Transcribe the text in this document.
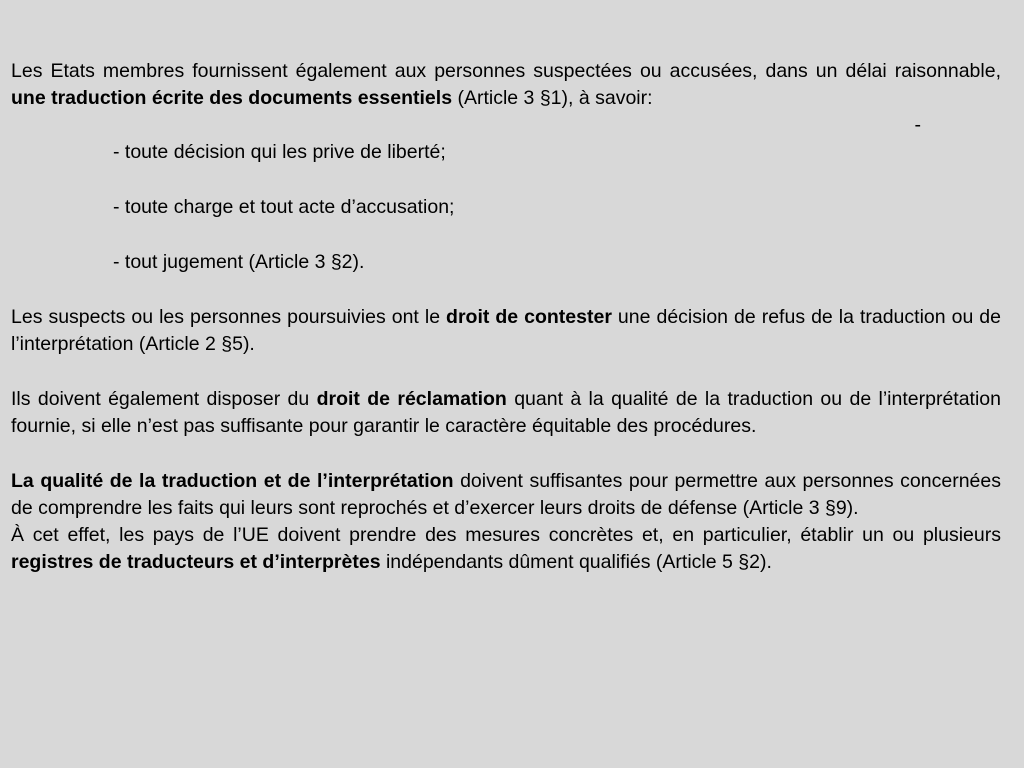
Les Etats membres fournissent également aux personnes suspectées ou accusées, dans un délai raisonnable, une traduction écrite des documents essentiels (Article 3 §1), à savoir:

-

- toute décision qui les prive de liberté;

- toute charge et tout acte d’accusation;

- tout jugement (Article 3 §2).

Les suspects ou les personnes poursuivies ont le droit de contester une décision de refus de la traduction ou de l’interprétation (Article 2 §5).

Ils doivent également disposer du droit de réclamation quant à la qualité de la traduction ou de l’interprétation fournie, si elle n’est pas suffisante pour garantir le caractère équitable des procédures.

La qualité de la traduction et de l’interprétation doivent suffisantes pour permettre aux personnes concernées de comprendre les faits qui leurs sont reprochés et d’exercer leurs droits de défense (Article 3 §9).

À cet effet, les pays de l’UE doivent prendre des mesures concrètes et, en particulier, établir un ou plusieurs registres de traducteurs et d’interprètes indépendants dûment qualifiés (Article 5 §2).
